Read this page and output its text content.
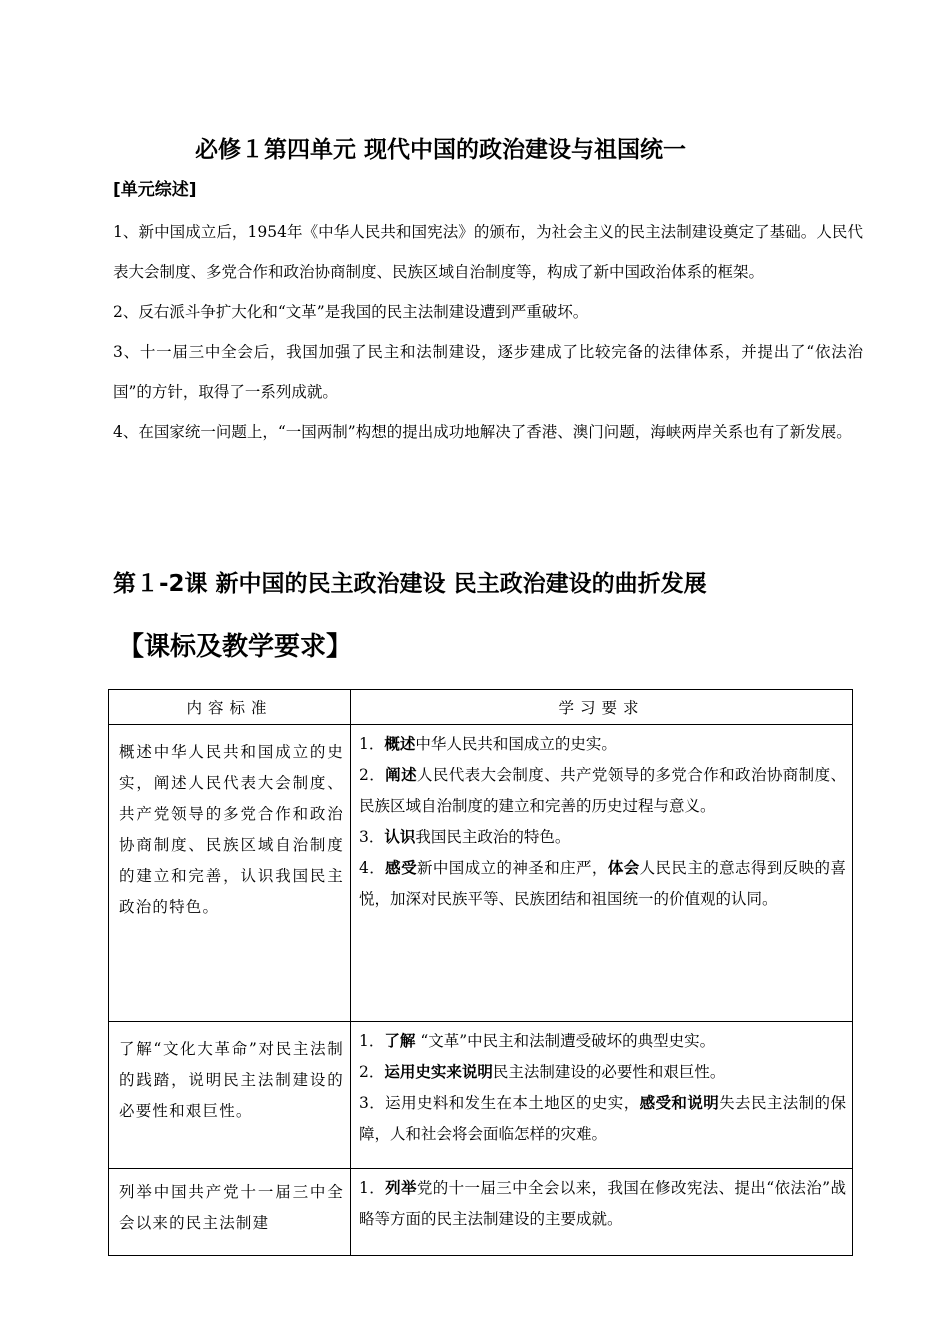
必修１第四单元 现代中国的政治建设与祖国统一
[单元综述]

1、新中国成立后，1954年《中华人民共和国宪法》的颁布，为社会主义的民主法制建设奠定了基础。人民代表大会制度、多党合作和政治协商制度、民族区域自治制度等，构成了新中国政治体系的框架。

2、反右派斗争扩大化和“文革”是我国的民主法制建设遭到严重破坏。

3、十一届三中全会后，我国加强了民主和法制建设，逐步建成了比较完备的法律体系，并提出了“依法治国”的方针，取得了一系列成就。

4、在国家统一问题上，“一国两制”构想的提出成功地解决了香港、澳门问题，海峡两岸关系也有了新发展。

第１-2课 新中国的民主政治建设 民主政治建设的曲折发展
【课标及教学要求】
内容标准	学习要求
概述中华人民共和国成立的史实，阐述人民代表大会制度、共产党领导的多党合作和政治协商制度、民族区域自治制度的建立和完善，认识我国民主政治的特色。	1．概述中华人民共和国成立的史实。

2．阐述人民代表大会制度、共产党领导的多党合作和政治协商制度、民族区域自治制度的建立和完善的历史过程与意义。

3．认识我国民主政治的特色。

4．感受新中国成立的神圣和庄严，体会人民民主的意志得到反映的喜悦，加深对民族平等、民族团结和祖国统一的价值观的认同。

了解“文化大革命”对民主法制的践踏，说明民主法制建设的必要性和艰巨性。	1．了解 “文革”中民主和法制遭受破坏的典型史实。

2．运用史实来说明民主法制建设的必要性和艰巨性。

3．运用史料和发生在本土地区的史实，感受和说明失去民主法制的保障，人和社会将会面临怎样的灾难。

列举中国共产党十一届三中全会以来的民主法制建	1．列举党的十一届三中全会以来，我国在修改宪法、提出“依法治”战略等方面的民主法制建设的主要成就。
